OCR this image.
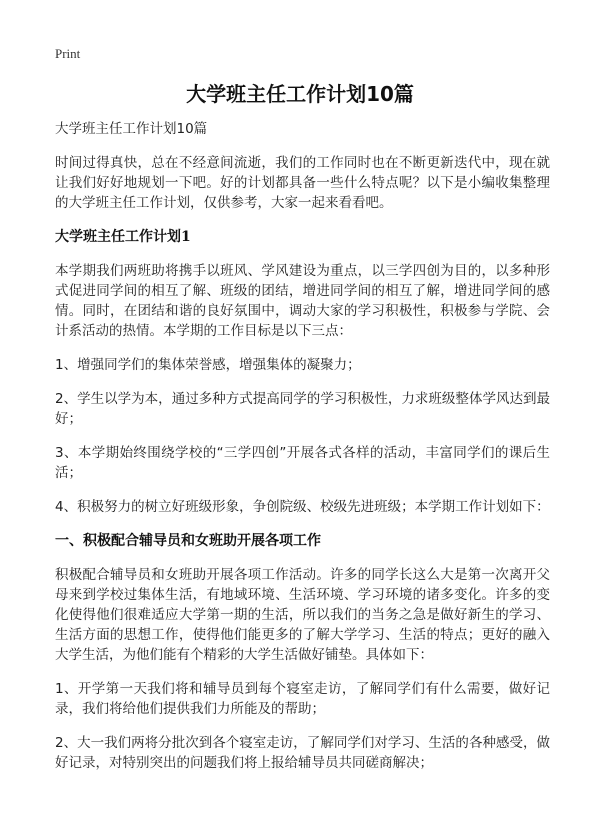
Print
大学班主任工作计划10篇

大学班主任工作计划10篇

时间过得真快，总在不经意间流逝，我们的工作同时也在不断更新迭代中，现在就让我们好好地规划一下吧。好的计划都具备一些什么特点呢？以下是小编收集整理的大学班主任工作计划，仅供参考，大家一起来看看吧。

大学班主任工作计划1

本学期我们两班助将携手以班风、学风建设为重点，以三学四创为目的，以多种形式促进同学间的相互了解、班级的团结，增进同学间的相互了解，增进同学间的感情。同时，在团结和谐的良好氛围中，调动大家的学习积极性，积极参与学院、会计系活动的热情。本学期的工作目标是以下三点：

1、增强同学们的集体荣誉感，增强集体的凝聚力；

2、学生以学为本，通过多种方式提高同学的学习积极性，力求班级整体学风达到最好；

3、本学期始终围绕学校的“三学四创”开展各式各样的活动，丰富同学们的课后生活；

4、积极努力的树立好班级形象，争创院级、校级先进班级；本学期工作计划如下：

一、积极配合辅导员和女班助开展各项工作

积极配合辅导员和女班助开展各项工作活动。许多的同学长这么大是第一次离开父母来到学校过集体生活，有地域环境、生活环境、学习环境的诸多变化。许多的变化使得他们很难适应大学第一期的生活，所以我们的当务之急是做好新生的学习、生活方面的思想工作，使得他们能更多的了解大学学习、生活的特点；更好的融入大学生活，为他们能有个精彩的大学生活做好铺垫。具体如下：

1、开学第一天我们将和辅导员到每个寝室走访，了解同学们有什么需要，做好记录，我们将给他们提供我们力所能及的帮助；

2、大一我们两将分批次到各个寝室走访，了解同学们对学习、生活的各种感受，做好记录，对特别突出的问题我们将上报给辅导员共同磋商解决；
